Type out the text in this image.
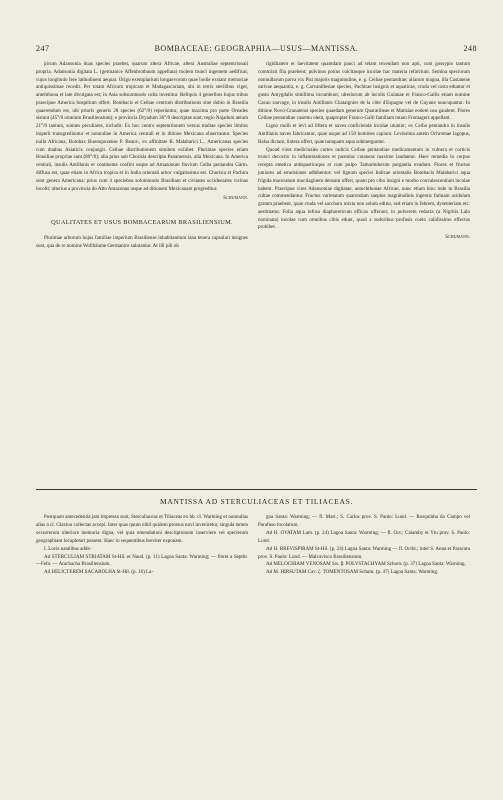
247	BOMBACEAE: GEOGRAPHIA—USUS—MANTISSA.	248

picum Adansonia duas species praebet, quarum altera Africae, altera Australiae septentrionali propria. Adansonia digitata L. (germanice Affenbrotbaum appellata) molem trunci ingentem aedificat, cujus longitudo fere latitudinem aequat. Origo exemplarium longaevorum quae hodie exstant memoriae antiquissimae recedit. Per totam Africam tropicam et Madagascariam, ubi in terris sterilibus viget, antehthona et late divulgata est; in Asia subsummodo culta invenitur. Reliquis 4 generibus hujus tribus praecipue America hospitium offert. Bombacis et Ceibae centrum distributionis sine dubio in Brasilia quaerendum est, ubi priorls generis 28 species (62°/0) reperiuntur, quae maxima pro parte Oreades sistunt (45°/0 omnium Brasiliensium); e provincia Dryadum 36°/0 descriptae sunt; regio Najadum aeium 21°/0 tantum, sonnes peculiares, includit. Ex hoc centro septentrionem versus multae species limites imperii transgrediuntur et nonnullae in America centrali et in ditione Mexicana observantur. Species nulla Africana, Bombax Buonopozense P. Beauv., ex affinitate B. Malabarici L., Americanas species cum duabus Asiaticis conjungit. Ceibae distributionem similem exhibet. Plurimae species etiam Brasiliae propriae sunt (80°/0); alia prius sub Chorisia descripta Panamensis, alia Mexicana. In America centrali, insulis Antillanis et continente confini usque ad Amazonum fluvium Ceiba pentandra Gärtn. diffusa est, quae etiam in Africa tropica et in India orientali arbor vulgatissima est. Chorisia et Pachira sunt genera Americana: prius cum 4 speciebus solummodo Brasiliam et civitates occidentales vicinas incolit; ulterius a provincia do Alto Amazonas usque ad ditionem Mexicanam progreditur.

Schumann.
QUALITATES ET USUS BOMBACEARUM BRASILIENSIUM.

Plurimae arborum hujus familiae imperium Brasiliense inhabitantium lana tenera capsulari insignes sunt, qua de re nomine Wollbäume Germanice salutantur. At illi pili ob

rigiditatem et laevitatem quamdam pauci ad telam texendam non apti, cum gossypio tantum commixti fila praebent; pulvinos potius culcitasque incolae hac materia refarciunt. Semina speciorum nonnullarum parva vix Pisi majoris magnitudine, e. g. Ceibae pentandrae; aliarum magna, illa Castaneae sativae aequantia, e. g. Carvanillesiae species, Pachirae insignis et aquaticae, cruda vel tosta eduntur et gustu Amygdalis simillima incumbunt; ulteriorum ab incolis Guianae et Franco-Gallis etiam nomine Cacao sauvage, in insulis Antillanis Chataignier de la côte d'Espagne vel de Guyane nuncupantur. In ditione Novo-Granatensi species quaedam generum Quararibeae et Matisiae eodem usu gaudent. Flores Ceibae pentandrae casemu olent, quapropter Franco-Galli familiam totam Fromagers appellant.

Ligno molli et levi ad liftera et naves conficienda incolae utuntur; ex Ceiba pentandra in insulis Antillanis naves fabricantur, quae usque ad 150 homines capiunt. Levissima autem Ochromae lagopus, Balsa dictam, lintera offert, quae nunquam aqua submerguntur.

Quoad vires medicinales cortex radicis Ceibae pentandrae medicamentum in vulnera et corticis trunci decoctio in inflammationes et pustulas cutaneas maxime laudantur. Haec remedia in corpus recepta emetica antispasticaque et cum pulpo Tamarindorum purgantia evadunt. Flores et fructus juniores ad emulsiones adhibentur; vel lignum speciei Indicae orientalis Bombacis Malabarici aqua frigida maceratum mucilaginem densum offert, quam pro cibo insigni e morbo convalescentium incolae habent. Praecipue vires Adansoniae digitatae, autochthonae Africae, nunc etiam hinc inde in Brasilia cultae commendantur. Fructus varietatum quarundam saepius magnitudinis ingentis farinam acidulam gratam praebent, quae cruda vel saccharo mixta non solum editur, sed etiam in febrem, dysenteriam etc. aestimatur. Folia aqua infusa diaphoreticum efficax offerunt; in pulverem redacta (a Nigritis Lalo nominata) incolae cum omnibus cibis edunt, quod a sudoribus profusis coelo calidissimo effectus prohibet.

Schumann.
MANTISSA AD STERCULIACEAS ET TILIACEAS.

Postquam antecedentia jam impressa sunt, Sterculiaceas et Tiliaceas ex hb. cl. Warming et nonnullas alias a cl. Glaziou collectas accepi. Inter quas quum nihil quidem prorsus novi inveniretur, singula tamen occurrerunt ulteriore memoria digna, vel quia emendationi descriptionum inserviere vel specierum geographiam locupletari possent. Haec in sequentibus breviter exponam.

I. Locis natalibus adde:

Ad STERCULIAM STRIATAM St-Hil. et Naud. (p. 11) Lagoa Santa: Warming; — floret a Septbr.—Febr. — Arachacha Brasiliensium.

Ad HELICTEREM SACAROLHA St-Hil. (p. 16) La-

goa Santa: Warming; — fl. Mart.; S. Carlos prov. S. Paulo: Lund. — Rosquinha do Campo vel Parafuso incolarum.

Ad H. OVATAM Lam. (p. 24) Lagoa Santa: Warming; — fl. Oct.; Caiamby et Ytu prov. S. Paulo: Lund.

Ad H. BREVISPIRAM St-Hil. (p. 24) Lagoa Santa: Warming — fl. Octbr.; inter S. Anna et Paracatu prov. S. Paulo: Lund. — Malvavisco Brasiliensium.

Ad MELOCHIAM VENOSAM Sw. β. POLYSTACHYAM Schum. (p. 37) Lagoa Santa: Warming.

Ad M. HIRSUTAM Cav. ζ. TOMENTOSAM Schum. (p. 47) Lagoa Santa: Warming.
